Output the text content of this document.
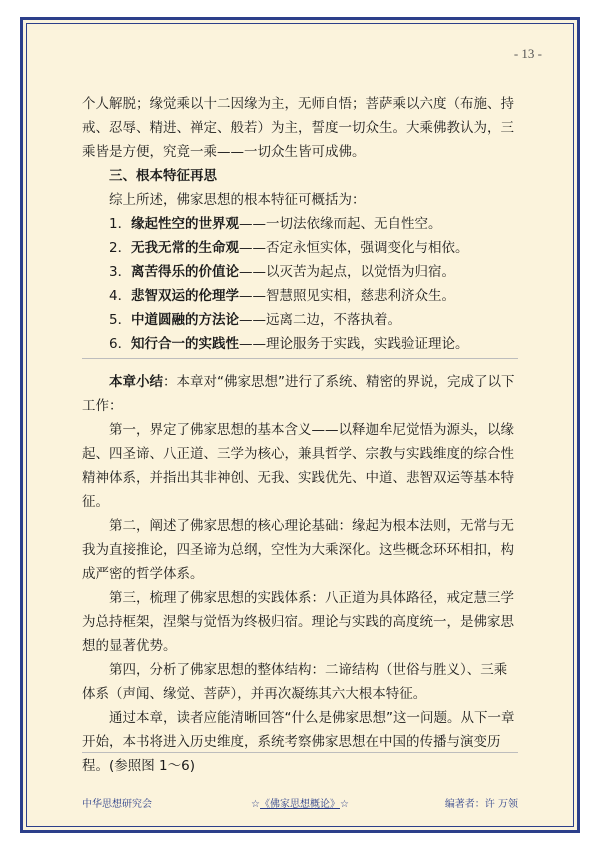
- 13 -

个人解脱；缘觉乘以十二因缘为主，无师自悟；菩萨乘以六度（布施、持戒、忍辱、精进、禅定、般若）为主，誓度一切众生。大乘佛教认为，三乘皆是方便，究竟一乘——一切众生皆可成佛。

三、根本特征再思

综上所述，佛家思想的根本特征可概括为：

1．缘起性空的世界观——一切法依缘而起、无自性空。
2．无我无常的生命观——否定永恒实体，强调变化与相依。
3．离苦得乐的价值论——以灭苦为起点，以觉悟为归宿。
4．悲智双运的伦理学——智慧照见实相，慈悲利济众生。
5．中道圆融的方法论——远离二边，不落执着。
6．知行合一的实践性——理论服务于实践，实践验证理论。

本章小结：本章对“佛家思想”进行了系统、精密的界说，完成了以下工作：

第一，界定了佛家思想的基本含义——以释迦牟尼觉悟为源头，以缘起、四圣谛、八正道、三学为核心，兼具哲学、宗教与实践维度的综合性精神体系，并指出其非神创、无我、实践优先、中道、悲智双运等基本特征。

第二，阐述了佛家思想的核心理论基础：缘起为根本法则，无常与无我为直接推论，四圣谛为总纲，空性为大乘深化。这些概念环环相扣，构成严密的哲学体系。

第三，梳理了佛家思想的实践体系：八正道为具体路径，戒定慧三学为总持框架，涅槃与觉悟为终极归宿。理论与实践的高度统一，是佛家思想的显著优势。

第四，分析了佛家思想的整体结构：二谛结构（世俗与胜义）、三乘体系（声闻、缘觉、菩萨），并再次凝练其六大根本特征。

通过本章，读者应能清晰回答“什么是佛家思想”这一问题。从下一章开始，本书将进入历史维度，系统考察佛家思想在中国的传播与演变历程。(参照图 1～6)

中华思想研究会	☆《佛家思想概论》☆	编著者：许 万领
